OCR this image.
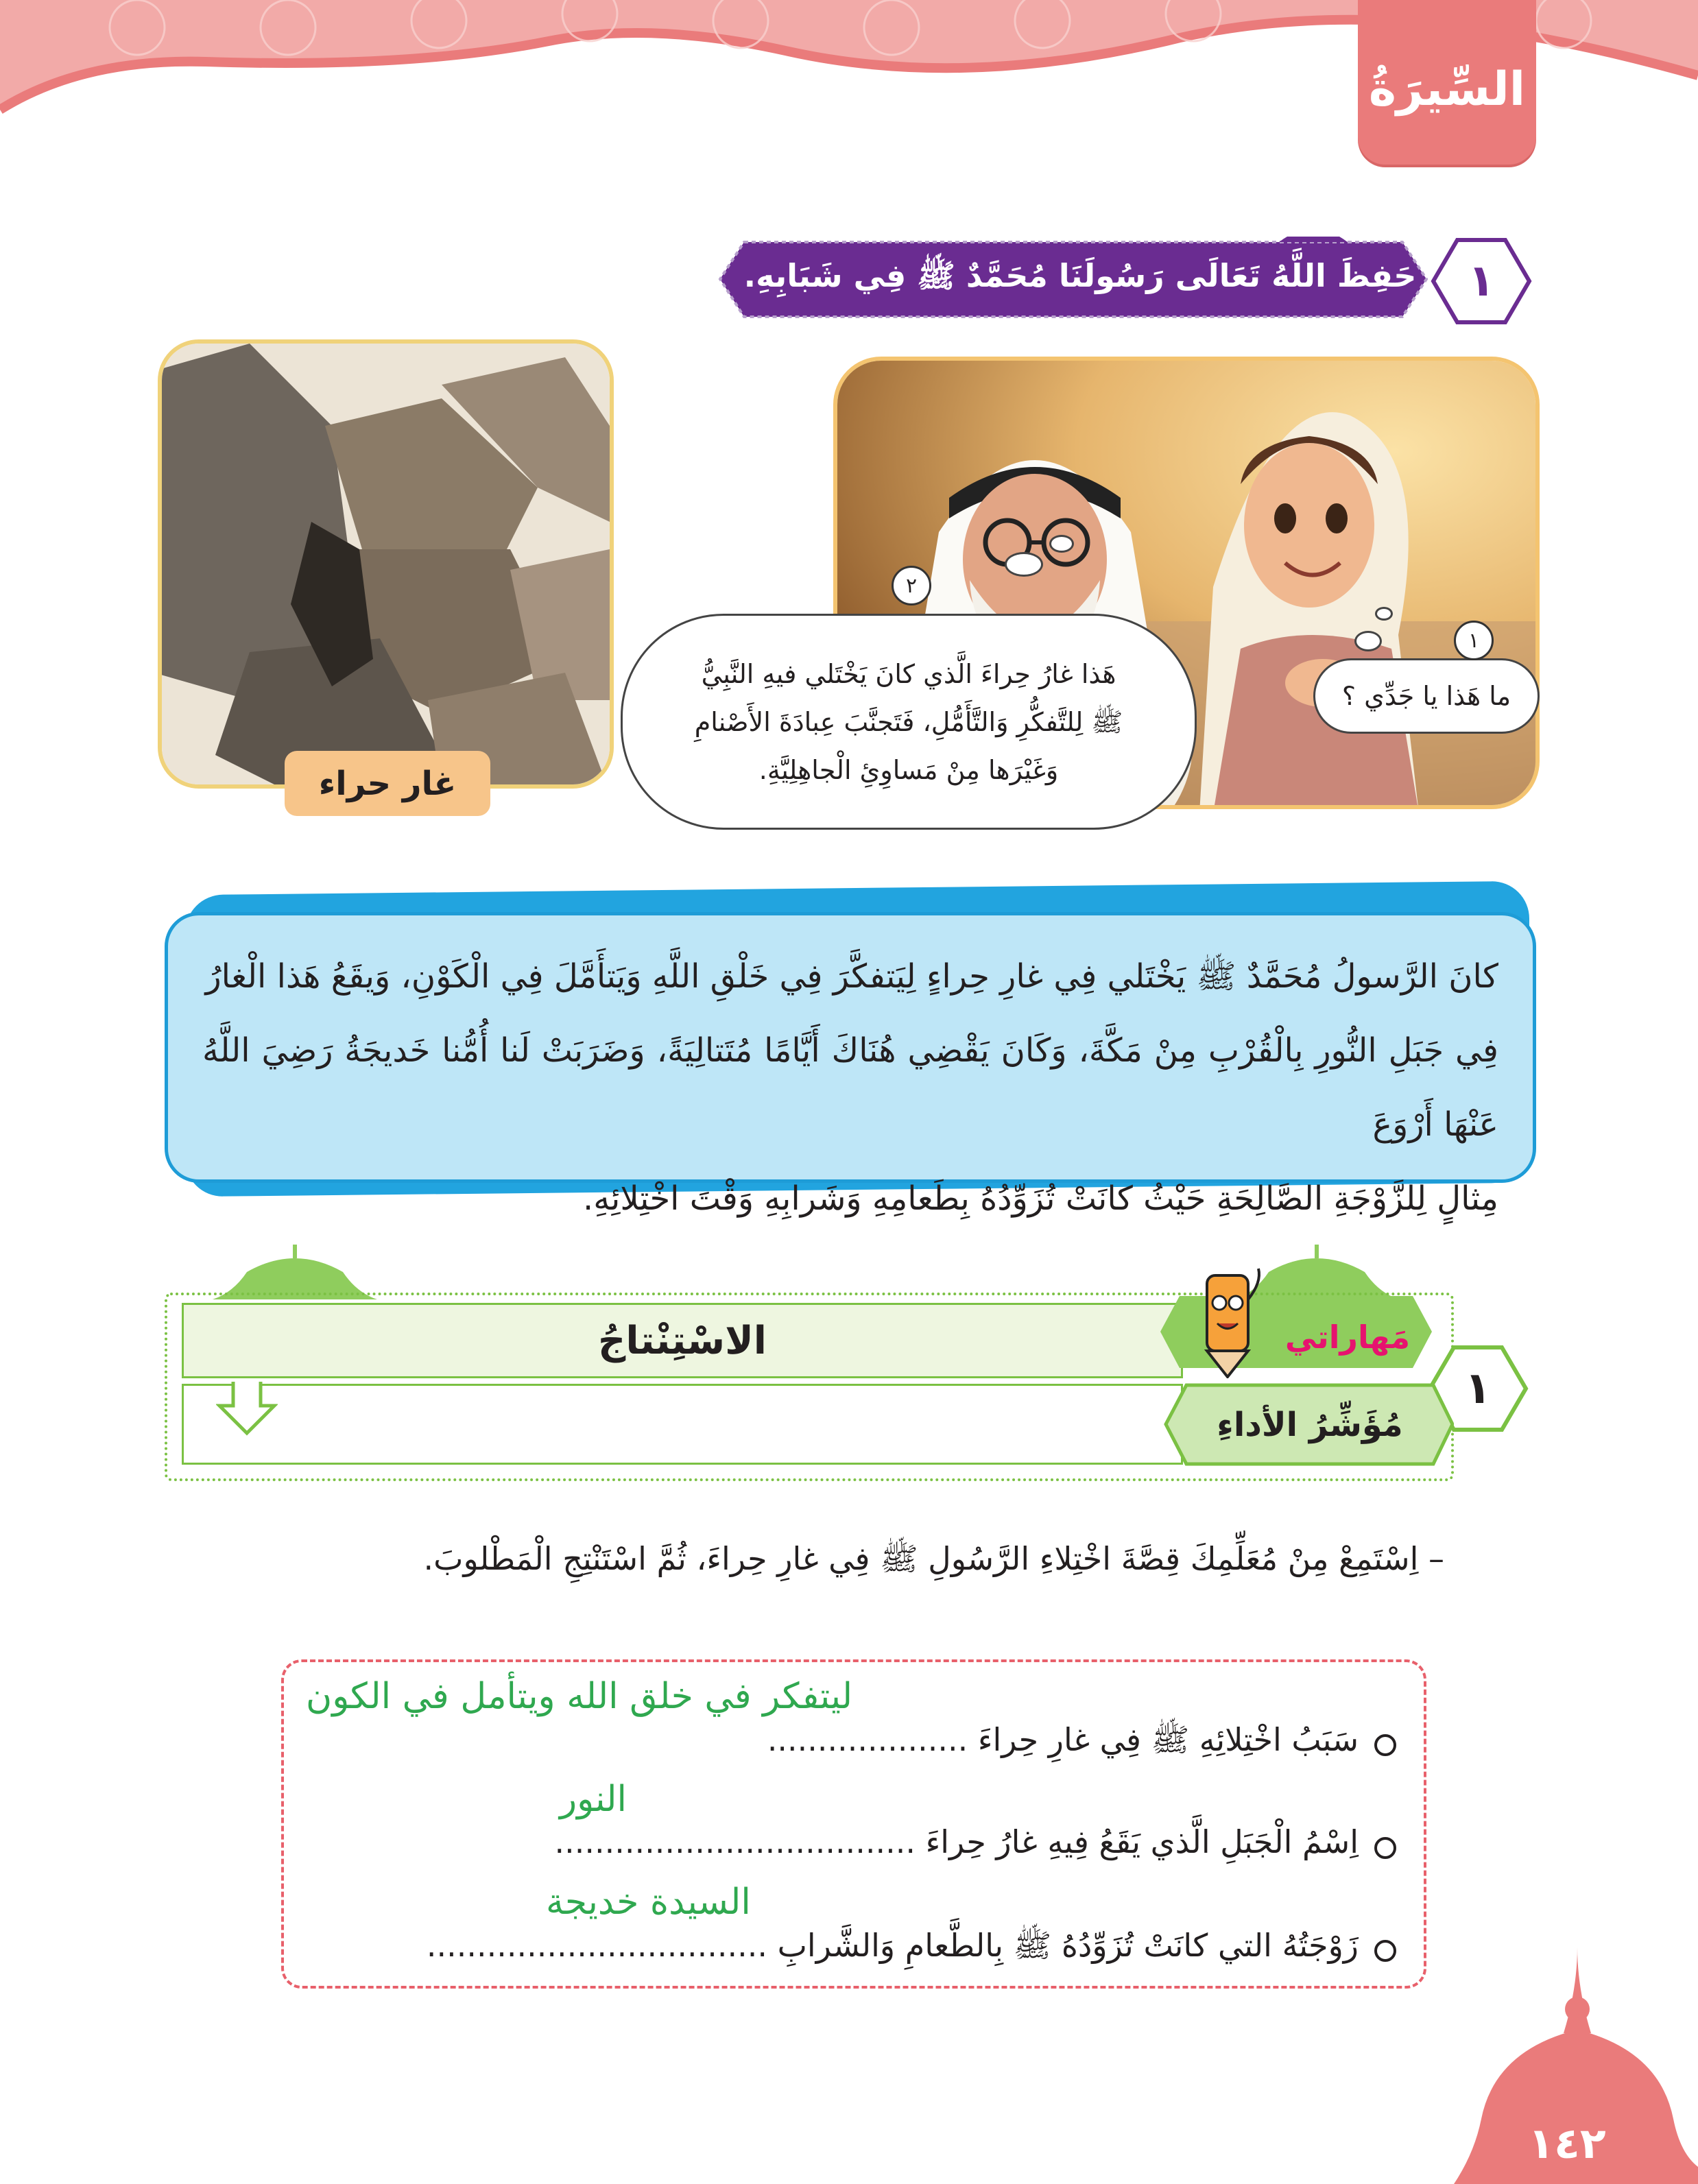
السِّيرَةُ
١
حَفِظَ اللَّهُ تَعَالَى رَسُولَنَا مُحَمَّدٌ ﷺ فِي شَبَابِهِ.
ما هَذا يا جَدِّي ؟
١
هَذا غارُ حِراءَ الَّذي كانَ يَخْتَلي فيهِ النَّبِيُّ
ﷺ لِلتَّفكُّرِ وَالتَّأَمُّلِ، فَتَجنَّبَ عِبادَةَ الأَصْنامِ
وَغَيْرَها مِنْ مَساوِئِ الْجاهِلِيَّةِ.
٢
غار حراء
كانَ الرَّسولُ مُحَمَّدٌ ﷺ يَخْتَلي فِي غارِ حِراءٍ لِيَتفكَّرَ فِي خَلْقِ اللَّهِ وَيَتأَمَّلَ فِي الْكَوْنِ، وَيقَعُ هَذا الْغارُ
فِي جَبَلِ النُّورِ بِالْقُرْبِ مِنْ مَكَّةَ، وَكَانَ يَقْضِي هُنَاكَ أَيَّامًا مُتَتالِيَةً، وَضَرَبَتْ لَنا أُمُّنا خَديجَةُ رَضِيَ اللَّهُ عَنْهَا أَرْوَعَ
مِثالٍ لِلزَّوْجَةِ الصَّالِحَةِ حَيْثُ كانَتْ تُزَوِّدُهُ بِطَعامِهِ وَشَرابِهِ وَقْتَ اخْتِلائِهِ.
الاسْتِنْتاجُ	مَهاراتي
١
مُؤَشِّرُ الأداءِ
– اِسْتَمِعْ مِنْ مُعَلِّمِكَ قِصَّةَ اخْتِلاءِ الرَّسُولِ ﷺ فِي غارِ حِراءَ، ثُمَّ اسْتَنْتِجِ الْمَطْلوبَ.
سَبَبُ اخْتِلائِهِ ﷺ فِي غارِ حِراءَ ....................
ليتفكر في خلق الله ويتأمل في الكون
اِسْمُ الْجَبَلِ الَّذي يَقَعُ فِيهِ غارُ حِراءَ ....................................
النور
زَوْجَتُهُ التي كانَتْ تُزَوِّدُهُ ﷺ بِالطَّعامِ وَالشَّرابِ ..................................
السيدة خديجة
١٤٢
